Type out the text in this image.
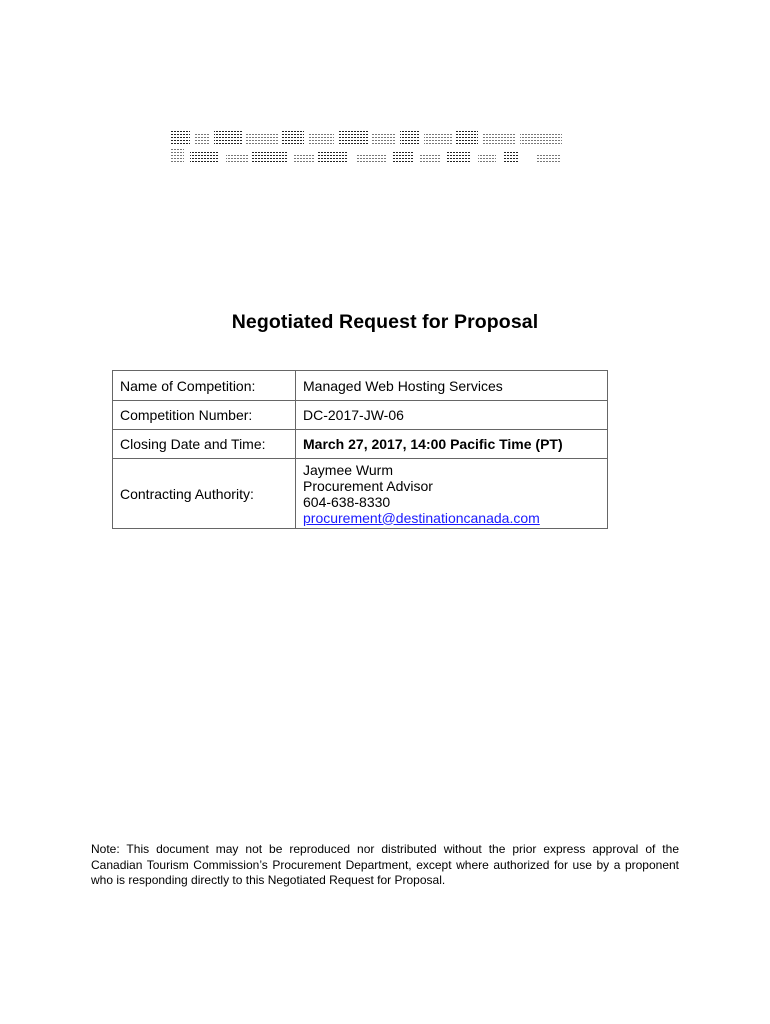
Negotiated Request for Proposal
Name of Competition:	Managed Web Hosting Services
Competition Number:	DC-2017-JW-06
Closing Date and Time:	March 27, 2017, 14:00 Pacific Time (PT)
Contracting Authority:	Jaymee Wurm
Procurement Advisor
604-638-8330
procurement@destinationcanada.com
Note: This document may not be reproduced nor distributed without the prior express approval of the Canadian Tourism Commission’s Procurement Department, except where authorized for use by a proponent who is responding directly to this Negotiated Request for Proposal.
